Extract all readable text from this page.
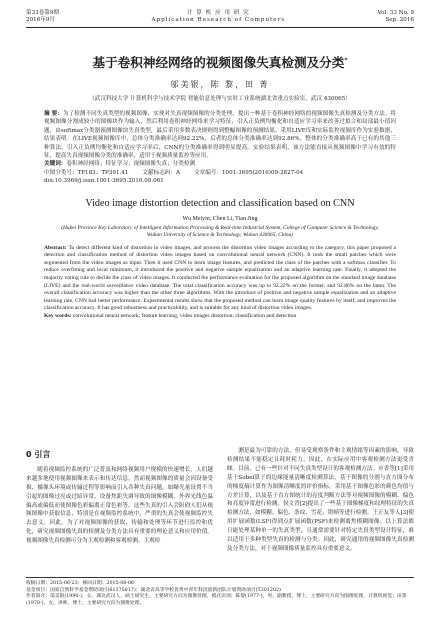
第33卷第9期
2016年9月
计 算 机 应 用 研 究
Application Research of Computers
Vol. 33 No. 9
Sep. 2016
基于卷积神经网络的视频图像失真检测及分类*
邬美银，陈 黎，田 菁
（武汉科技大学 计算机科学与技术学院 智能信息处理与实时工业系统湖北省重点实验室，武汉 430065）
摘 要：为了检测不同失真类型的视频图像，实现对失真视频图像的分类处理，提出一种基于卷积神经网络的视频图像失真检测及分类方法。将视频图像分割成较小的图像块作为输入，然后利用卷积神经网络来学习特征，引入正负例均衡化和自适应学习率来改善过拟合和局部最小值问题，由softmax分类器预测图像块失真类型，最后采用多数表决规则得到整幅图像的预测结果。采用LIVE库和实际监控视频库作为实验数据，结果表明：在LIVE视频图像库中，总体分类准确率达到92.22%，后者的总体分类准确率达到92.86%。整体的分类准确率高于已有的其他三种算法，引入正负例均衡化和自适应学习率后，CNN的分类准确率得到明显提高。实验结果表明，该方法能直接从视频图像中学习有效的特征，提高失真视频图像分类的准确率，适用于视频质量监控等应用。
关键词：卷积神经网络；特征学习；视频图像失真；分类检测
中图分类号：TP183；TP391.41	文献标志码：A	文章编号：1001-3695(2016)09-2827-04
doi:10.3969/j.issn.1001-3695.2016.09.061
Video image distortion detection and classification based on CNN
Wu Meiyin, Chen Li, Tian Jing
(Hubei Province Key Laboratory of Intelligent Information Processing & Real-time Industrial System, College of Computer Science & Technology, Wuhan University of Science & Technology, Wuhan 430065, China)
Abstract: To detect different kind of distortion in video images, and process the distortion video images according to the category, this paper proposed a detection and classification method of distortion video images based on convolutional neural network (CNN). It took the small patches which were segmented from the video images as input. Then it used CNN to learn image features, and predicted the class of the patches with a softmax classifier. To reduce overfitting and local minimum, it introduced the positive and negative sample equalization and an adaptive learning rate. Finally, it adopted the majority voting rule to decide the class of video images. It conducted the performance evaluation for the proposed algorithm on the standard image database (LIVE) and the real-world surveillance video database. The total classification accuracy was up to 92.22% on the former, and 92.86% on the latter. The overall classification accuracy was higher than the other three algorithms. With the introduce of positive and negative sample equalization and an adaptive learning rate, CNN had better performance. Experimental results show that the proposed method can learn image quality features by itself, and improves the classification accuracy. It has good robustness and practicability, and is suitable for any kind of distortion video images.
Key words: convolutional neural network; feature learning; video images distortion; classification and detection
0 引言
随着视频监控系统的广泛普及和网络视频用户规模的快速增长，人们越来越多地使用视频图像来表示和传达信息。然而视频图像的质量会因设备受损、摄像头环境或传输过程等影响而引入各种失真问题，如曝光量设置不当引起的图像过亮或过暗异常、设备焦距失调导致的图像模糊、外界光线色温偏高或偏低而使图像色彩偏离正常色彩等。这些失真的引入会阻碍人们从视频图像中获取信息，特别是在视频监控系统中，严重的失真会使视频监控失去意义。因此，为了对视频图像的获取、传输和处理等环节进行监控和优化，研究视频图像失真的检测及分类方法具有重要的理论意义和应用价值。视频图像失真检测可分为主观检测和客观检测。主观检
测是最为可靠的方法，但易受观察条件和主观情绪等因素的影响，导致检测结果不能稳定且耗时耗力。因此，在实际应用中客观检测方法更受青睐。目前，已有一些针对不同失真类型设计的客观检测方法。应省等[1]采用基于Sobel算子的边缘能量清晰度检测算法，基于图像的分割与直方图分布的梯度熵计算作为图像清晰度的评价指标，采用基于图像色彩的颜色均值与方差计算，以及基于直方图统计的亮度判断方法等对视频图像的模糊、偏色和亮度异常进行检测。侯文晋[2]提出了一些基于图像梯度和纹理特征的失真检测方法，如模糊、偏色、条纹、雪花、错帧等进行检测。王正友等人[3]使用扩展函数(LSF)得到点扩展函数(PSF)来检测离焦模糊图像。以上算法都只能处理某种单一的失真类型，且通常需要针对特定失真类型设计特征，难以适用于多种类型失真的检测与分类。因此，研究通用的视频图像失真检测及分类方法，对于视频图像质量监控具有重要意义。
收稿日期：2015-06-23；修回日期：2015-08-06
基金项目：国家自然科学基金资助项目(61375017)；湖北省高等学校优秀中青年科技创新团队计划资助项目(T201202)
作者简介：邬美银(1990-)，女，湖北武汉人，硕士研究生，主要研究方向为图像处理、模式识别；陈黎(1977-)，男，副教授，博士，主要研究方向为图像处理、计算机视觉；田菁(1978-)，女，讲师，博士，主要研究方向为图像处理。
